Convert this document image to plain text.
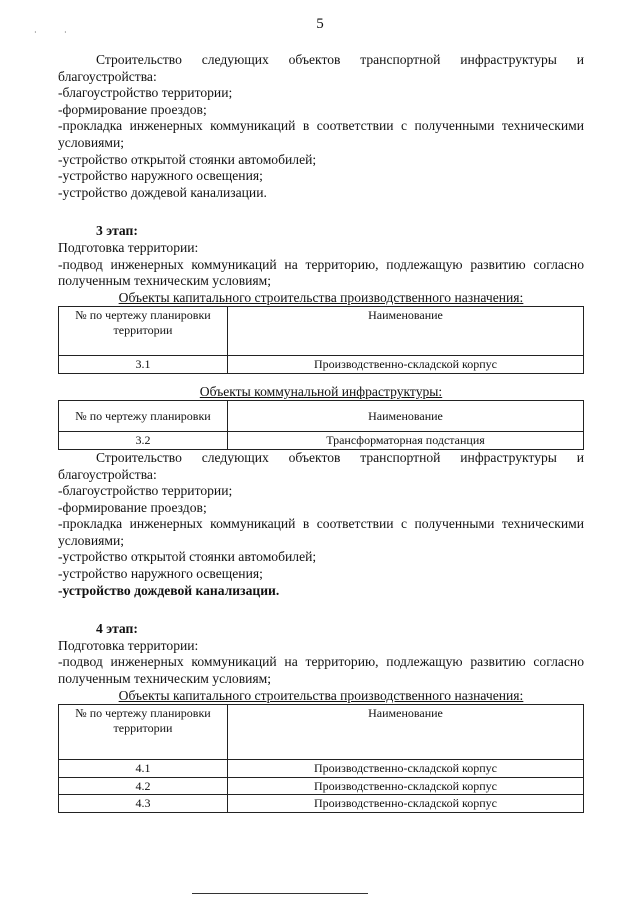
·	·
5

Строительство следующих объектов транспортной инфраструктуры и благоустройства:

-благоустройство территории;

-формирование проездов;

-прокладка инженерных коммуникаций в соответствии с полученными техническими условиями;

-устройство открытой стоянки автомобилей;

-устройство наружного освещения;

-устройство дождевой канализации.

3 этап:

Подготовка территории:

-подвод инженерных коммуникаций на территорию, подлежащую развитию согласно полученным техническим условиям;

Объекты капитального строительства производственного назначения:

№ по чертежу планировки территории	Наименование
3.1	Производственно-складской корпус

Объекты коммунальной инфраструктуры:

№ по чертежу планировки	Наименование
3.2	Трансформаторная подстанция

Строительство следующих объектов транспортной инфраструктуры и благоустройства:

-благоустройство территории;

-формирование проездов;

-прокладка инженерных коммуникаций в соответствии с полученными техническими условиями;

-устройство открытой стоянки автомобилей;

-устройство наружного освещения;

-устройство дождевой канализации.

4 этап:

Подготовка территории:

-подвод инженерных коммуникаций на территорию, подлежащую развитию согласно полученным техническим условиям;

Объекты капитального строительства производственного назначения:

№ по чертежу планировки территории	Наименование
4.1	Производственно-складской корпус
4.2	Производственно-складской корпус
4.3	Производственно-складской корпус
